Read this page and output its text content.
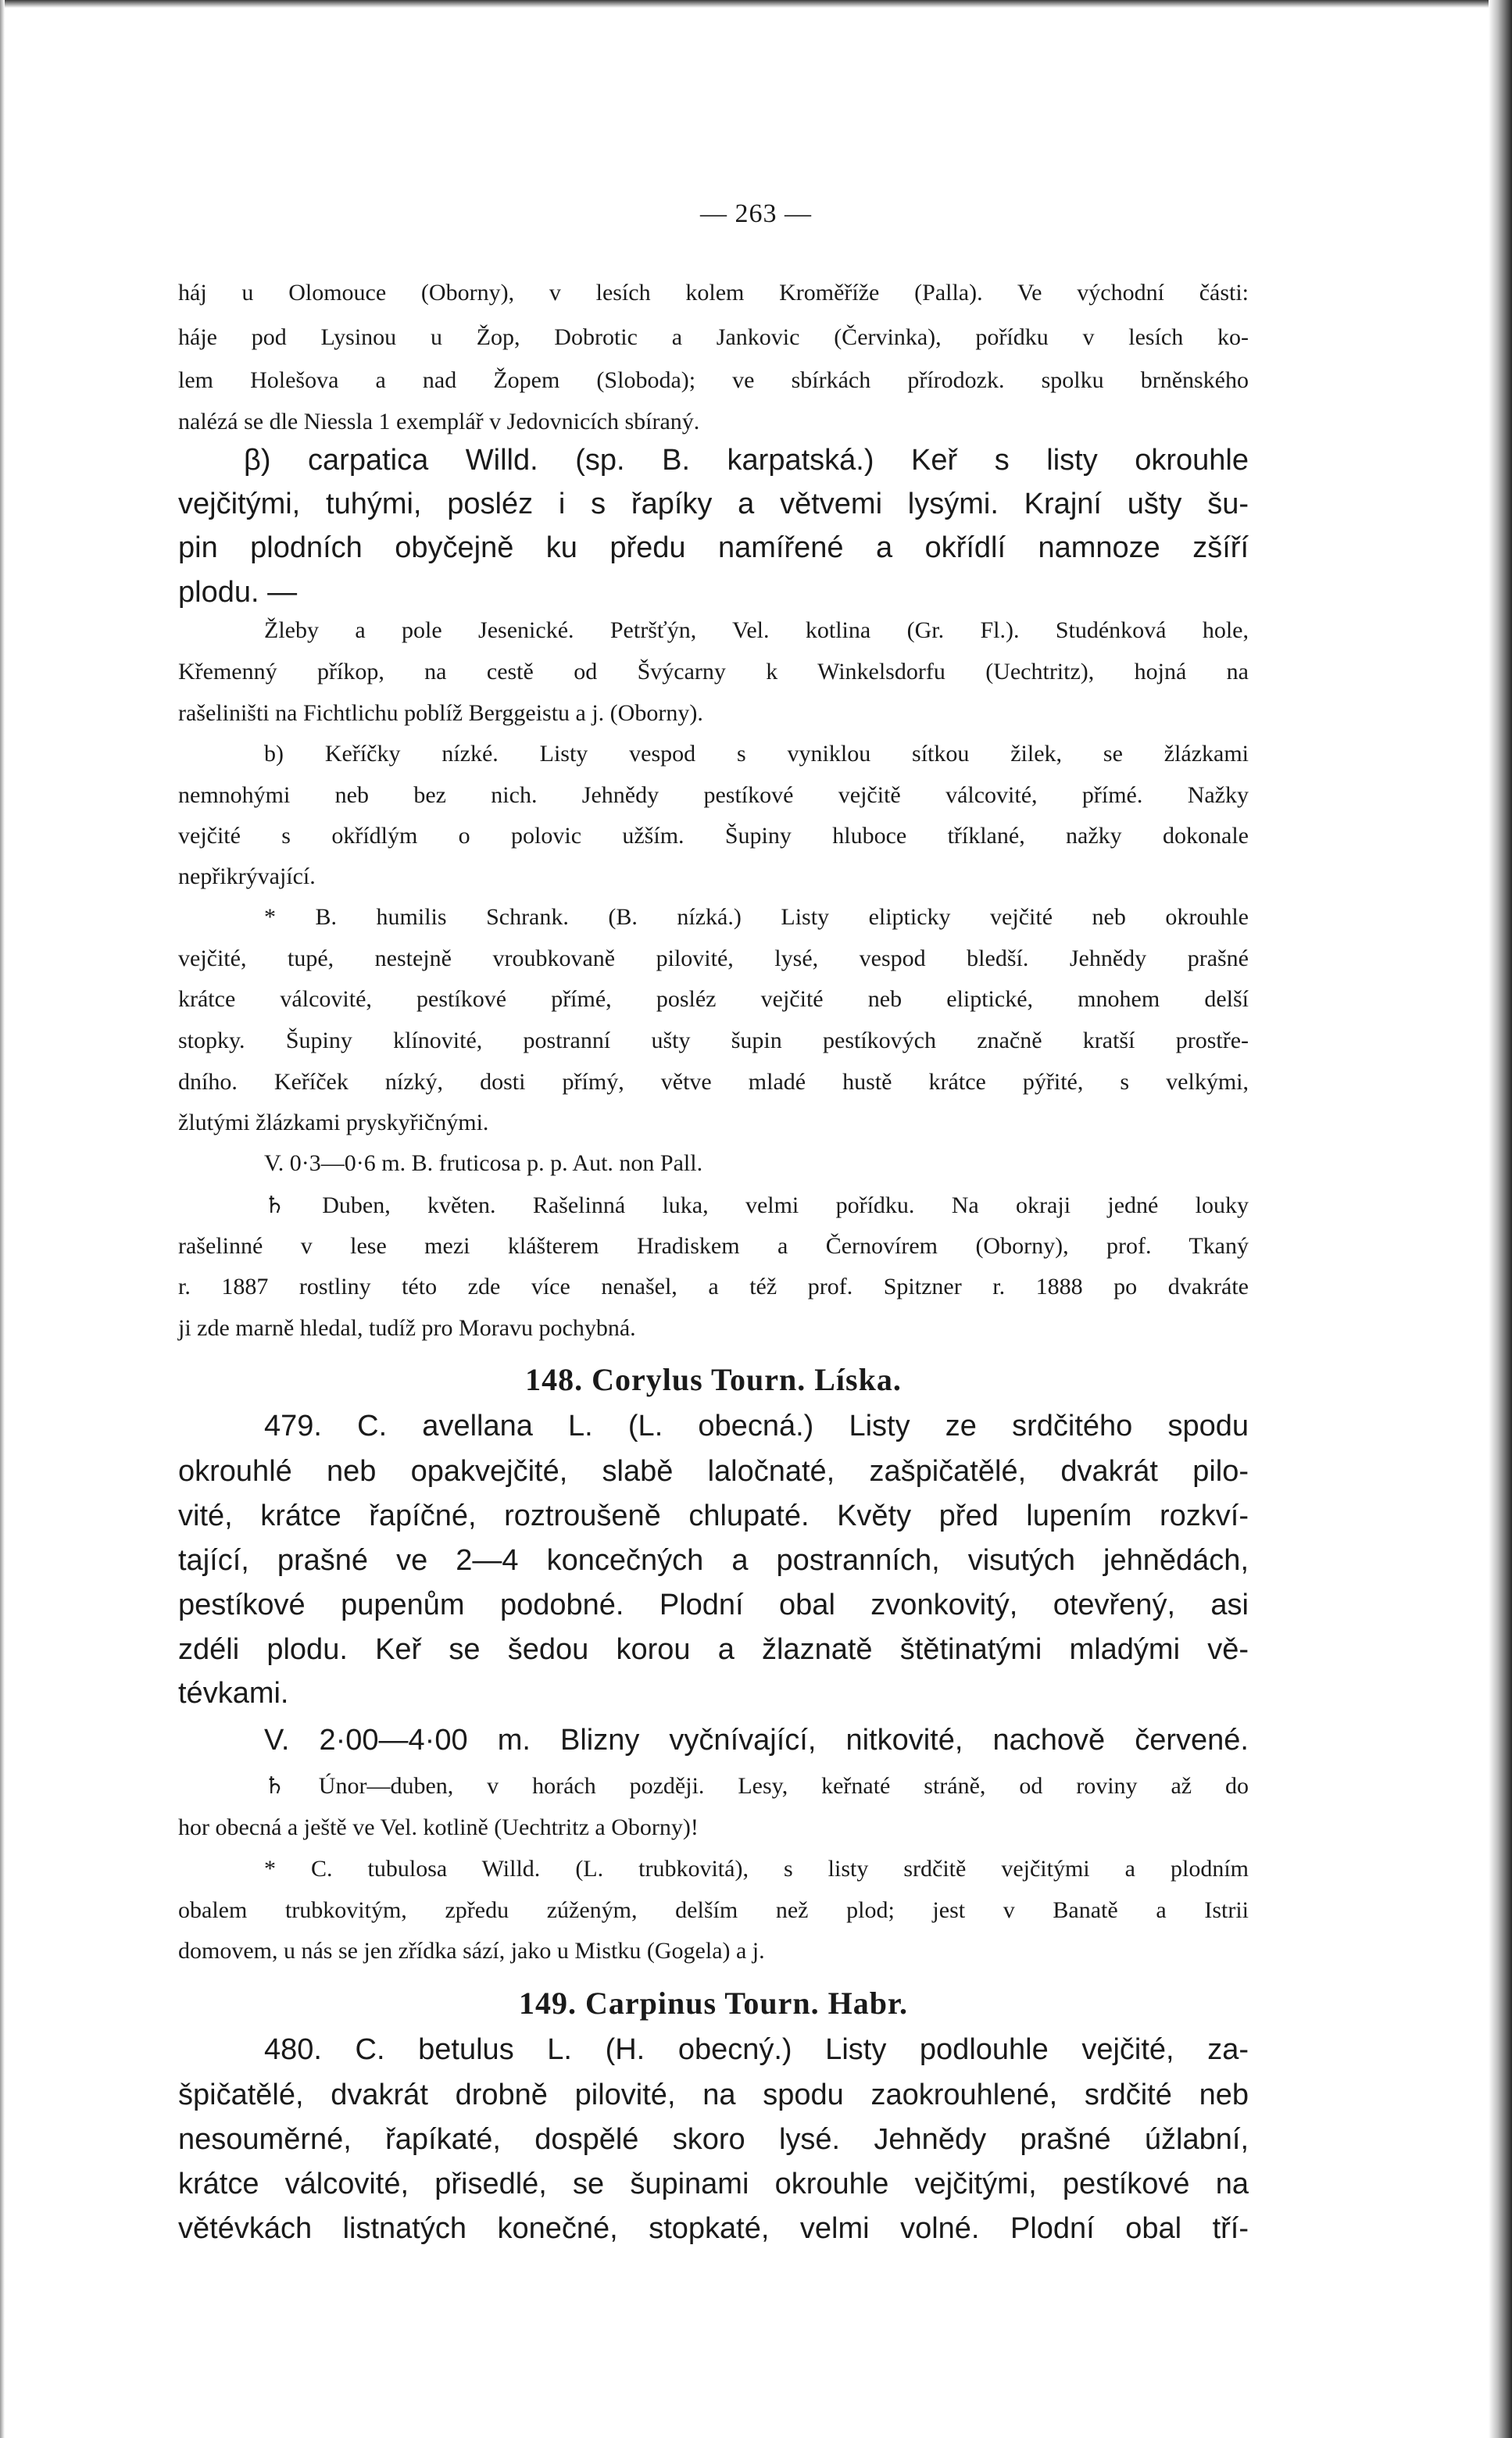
— 263 —
háj u Olomouce (Oborny), v lesích kolem Kroměříže (Palla). Ve východní části:
háje pod Lysinou u Žop, Dobrotic a Jankovic (Červinka), pořídku v lesích ko-
lem Holešova a nad Žopem (Sloboda); ve sbírkách přírodozk. spolku brněnského
nalézá se dle Niessla 1 exemplář v Jedovnicích sbíraný.
β) carpatica Willd. (sp. B. karpatská.) Keř s listy okrouhle
vejčitými, tuhými, posléz i s řapíky a větvemi lysými. Krajní ušty šu-
pin plodních obyčejně ku předu namířené a okřídlí namnoze zšíří
plodu. —
Žleby a pole Jesenické. Petršťýn, Vel. kotlina (Gr. Fl.). Studénková hole,
Křemenný příkop, na cestě od Švýcarny k Winkelsdorfu (Uechtritz), hojná na
rašeliništi na Fichtlichu poblíž Berggeistu a j. (Oborny).
b) Keříčky nízké. Listy vespod s vyniklou sítkou žilek, se žlázkami
nemnohými neb bez nich. Jehnědy pestíkové vejčitě válcovité, přímé. Nažky
vejčité s okřídlým o polovic užším. Šupiny hluboce tříklané, nažky dokonale
nepřikrývající.
* B. humilis Schrank. (B. nízká.) Listy elipticky vejčité neb okrouhle
vejčité, tupé, nestejně vroubkovaně pilovité, lysé, vespod bledší. Jehnědy prašné
krátce válcovité, pestíkové přímé, posléz vejčité neb eliptické, mnohem delší
stopky. Šupiny klínovité, postranní ušty šupin pestíkových značně kratší prostře-
dního. Keříček nízký, dosti přímý, větve mladé hustě krátce pýřité, s velkými,
žlutými žlázkami pryskyřičnými.
V. 0·3—0·6 m. B. fruticosa p. p. Aut. non Pall.
♄ Duben, květen. Rašelinná luka, velmi pořídku. Na okraji jedné louky
rašelinné v lese mezi klášterem Hradiskem a Černovírem (Oborny), prof. Tkaný
r. 1887 rostliny této zde více nenašel, a též prof. Spitzner r. 1888 po dvakráte
ji zde marně hledal, tudíž pro Moravu pochybná.
148. Corylus Tourn. Líska.
479. C. avellana L. (L. obecná.) Listy ze srdčitého spodu
okrouhlé neb opakvejčité, slabě laločnaté, zašpičatělé, dvakrát pilo-
vité, krátce řapíčné, roztroušeně chlupaté. Květy před lupením rozkví-
tající, prašné ve 2—4 koncečných a postranních, visutých jehnědách,
pestíkové pupenům podobné. Plodní obal zvonkovitý, otevřený, asi
zdéli plodu. Keř se šedou korou a žlaznatě štětinatými mladými vě-
tévkami.
V. 2·00—4·00 m. Blizny vyčnívající, nitkovité, nachově červené.
♄ Únor—duben, v horách později. Lesy, keřnaté stráně, od roviny až do
hor obecná a ještě ve Vel. kotlině (Uechtritz a Oborny)!
* C. tubulosa Willd. (L. trubkovitá), s listy srdčitě vejčitými a plodním
obalem trubkovitým, zpředu zúženým, delším než plod; jest v Banatě a Istrii
domovem, u nás se jen zřídka sází, jako u Mistku (Gogela) a j.
149. Carpinus Tourn. Habr.
480. C. betulus L. (H. obecný.) Listy podlouhle vejčité, za-
špičatělé, dvakrát drobně pilovité, na spodu zaokrouhlené, srdčité neb
nesouměrné, řapíkaté, dospělé skoro lysé. Jehnědy prašné úžlabní,
krátce válcovité, přisedlé, se šupinami okrouhle vejčitými, pestíkové na
větévkách listnatých konečné, stopkaté, velmi volné. Plodní obal tří-
